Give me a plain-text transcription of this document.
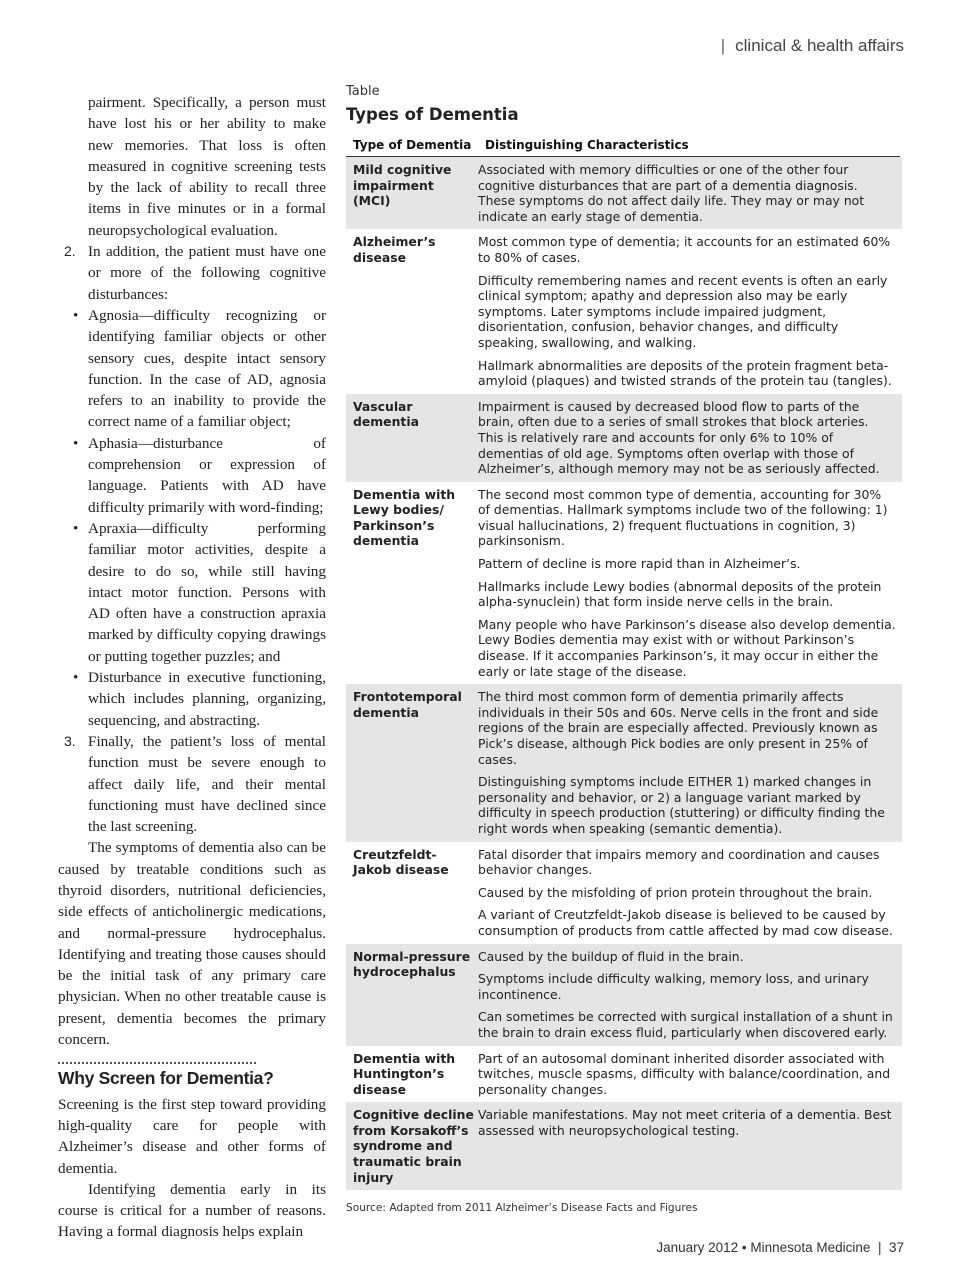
| clinical & health affairs

pairment. Specifically, a person must have lost his or her ability to make new memories. That loss is often measured in cognitive screening tests by the lack of ability to recall three items in five minutes or in a formal neuropsychological evaluation.

2. In addition, the patient must have one or more of the following cognitive disturbances:

• Agnosia—difficulty recognizing or identifying familiar objects or other sensory cues, despite intact sensory function. In the case of AD, agnosia refers to an inability to provide the correct name of a familiar object;

• Aphasia—disturbance of comprehension or expression of language. Patients with AD have difficulty primarily with word-finding;

• Apraxia—difficulty performing familiar motor activities, despite a desire to do so, while still having intact motor function. Persons with AD often have a construction apraxia marked by difficulty copying drawings or putting together puzzles; and

• Disturbance in executive functioning, which includes planning, organizing, sequencing, and abstracting.

3. Finally, the patient’s loss of mental function must be severe enough to affect daily life, and their mental functioning must have declined since the last screening.

The symptoms of dementia also can be caused by treatable conditions such as thyroid disorders, nutritional deficiencies, side effects of anticholinergic medications, and normal-pressure hydrocephalus. Identifying and treating those causes should be the initial task of any primary care physician. When no other treatable cause is present, dementia becomes the primary concern.

Why Screen for Dementia?

Screening is the first step toward providing high-quality care for people with Alzheimer’s disease and other forms of dementia.

Identifying dementia early in its course is critical for a number of reasons. Having a formal diagnosis helps explain

Table
Types of Dementia
Type of Dementia	Distinguishing Characteristics
Mild cognitive impairment (MCI)

Associated with memory difficulties or one of the other four cognitive disturbances that are part of a dementia diagnosis. These symptoms do not affect daily life. They may or may not indicate an early stage of dementia.

Alzheimer’s disease

Most common type of dementia; it accounts for an estimated 60% to 80% of cases.

Difficulty remembering names and recent events is often an early clinical symptom; apathy and depression also may be early symptoms. Later symptoms include impaired judgment, disorientation, confusion, behavior changes, and difficulty speaking, swallowing, and walking.

Hallmark abnormalities are deposits of the protein fragment beta-amyloid (plaques) and twisted strands of the protein tau (tangles).

Vascular dementia

Impairment is caused by decreased blood flow to parts of the brain, often due to a series of small strokes that block arteries. This is relatively rare and accounts for only 6% to 10% of dementias of old age. Symptoms often overlap with those of Alzheimer’s, although memory may not be as seriously affected.

Dementia with Lewy bodies/ Parkinson’s dementia

The second most common type of dementia, accounting for 30% of dementias. Hallmark symptoms include two of the following: 1) visual hallucinations, 2) frequent fluctuations in cognition, 3) parkinsonism.

Pattern of decline is more rapid than in Alzheimer’s.

Hallmarks include Lewy bodies (abnormal deposits of the protein alpha-synuclein) that form inside nerve cells in the brain.

Many people who have Parkinson’s disease also develop dementia. Lewy Bodies dementia may exist with or without Parkinson’s disease. If it accompanies Parkinson’s, it may occur in either the early or late stage of the disease.

Frontotemporal dementia

The third most common form of dementia primarily affects individuals in their 50s and 60s. Nerve cells in the front and side regions of the brain are especially affected. Previously known as Pick’s disease, although Pick bodies are only present in 25% of cases.

Distinguishing symptoms include EITHER 1) marked changes in personality and behavior, or 2) a language variant marked by difficulty in speech production (stuttering) or difficulty finding the right words when speaking (semantic dementia).

Creutzfeldt-Jakob disease

Fatal disorder that impairs memory and coordination and causes behavior changes.

Caused by the misfolding of prion protein throughout the brain.

A variant of Creutzfeldt-Jakob disease is believed to be caused by consumption of products from cattle affected by mad cow disease.

Normal-pressure hydrocephalus

Caused by the buildup of fluid in the brain.

Symptoms include difficulty walking, memory loss, and urinary incontinence.

Can sometimes be corrected with surgical installation of a shunt in the brain to drain excess fluid, particularly when discovered early.

Dementia with Huntington’s disease

Part of an autosomal dominant inherited disorder associated with twitches, muscle spasms, difficulty with balance/coordination, and personality changes.

Cognitive decline from Korsakoff’s syndrome and traumatic brain injury

Variable manifestations. May not meet criteria of a dementia. Best assessed with neuropsychological testing.

Source: Adapted from 2011 Alzheimer’s Disease Facts and Figures
January 2012 • Minnesota Medicine  |  37
